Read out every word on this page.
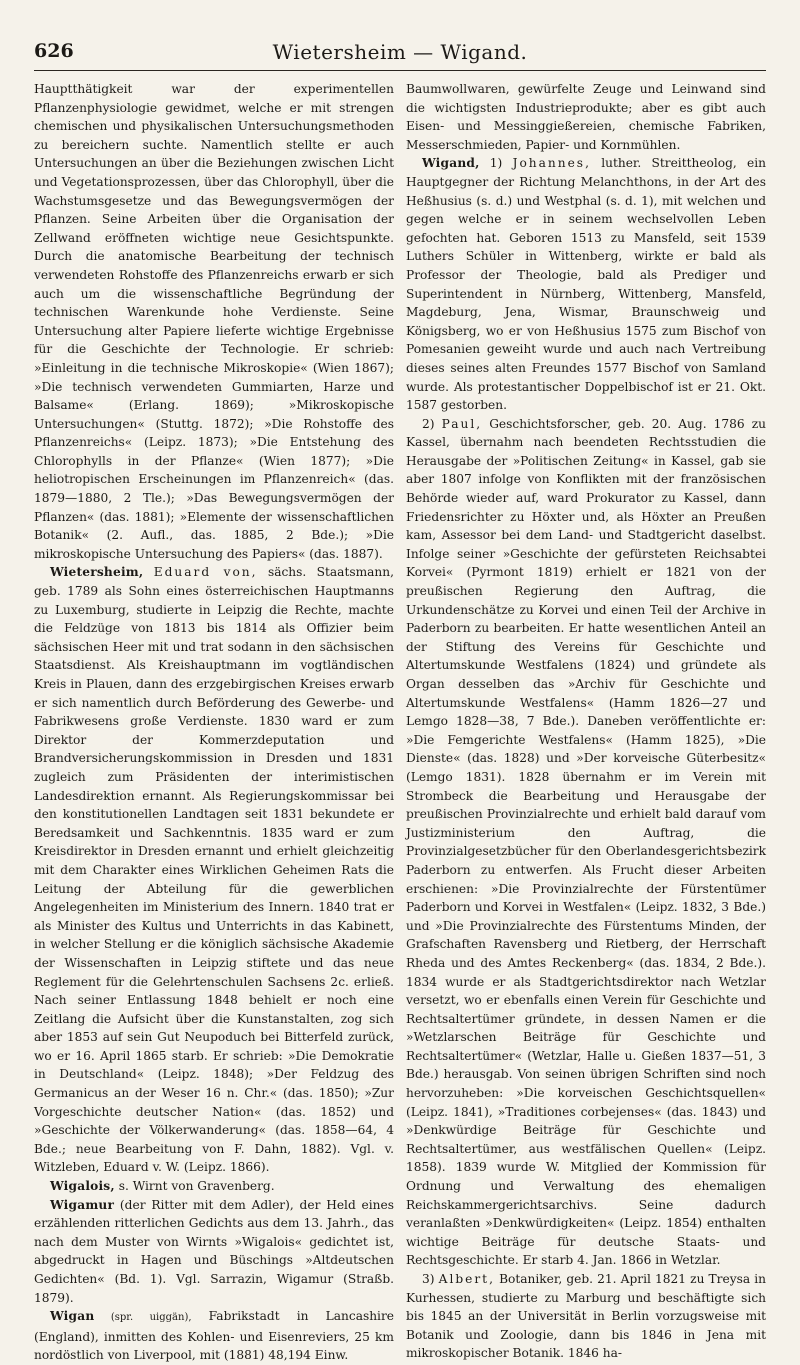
626	Wietersheim — Wigand.

Hauptthätigkeit war der experimentellen Pflanzenphysiologie gewidmet, welche er mit strengen chemischen und physikalischen Untersuchungsmethoden zu bereichern suchte. Namentlich stellte er auch Untersuchungen an über die Beziehungen zwischen Licht und Vegetationsprozessen, über das Chlorophyll, über die Wachstumsgesetze und das Bewegungsvermögen der Pflanzen. Seine Arbeiten über die Organisation der Zellwand eröffneten wichtige neue Gesichtspunkte. Durch die anatomische Bearbeitung der technisch verwendeten Rohstoffe des Pflanzenreichs erwarb er sich auch um die wissenschaftliche Begründung der technischen Warenkunde hohe Verdienste. Seine Untersuchung alter Papiere lieferte wichtige Ergebnisse für die Geschichte der Technologie. Er schrieb: »Einleitung in die technische Mikroskopie« (Wien 1867); »Die technisch verwendeten Gummiarten, Harze und Balsame« (Erlang. 1869); »Mikroskopische Untersuchungen« (Stuttg. 1872); »Die Rohstoffe des Pflanzenreichs« (Leipz. 1873); »Die Entstehung des Chlorophylls in der Pflanze« (Wien 1877); »Die heliotropischen Erscheinungen im Pflanzenreich« (das. 1879—1880, 2 Tle.); »Das Bewegungsvermögen der Pflanzen« (das. 1881); »Elemente der wissenschaftlichen Botanik« (2. Aufl., das. 1885, 2 Bde.); »Die mikroskopische Untersuchung des Papiers« (das. 1887).

Wietersheim, Eduard von, sächs. Staatsmann, geb. 1789 als Sohn eines österreichischen Hauptmanns zu Luxemburg, studierte in Leipzig die Rechte, machte die Feldzüge von 1813 bis 1814 als Offizier beim sächsischen Heer mit und trat sodann in den sächsischen Staatsdienst. Als Kreishauptmann im vogtländischen Kreis in Plauen, dann des erzgebirgischen Kreises erwarb er sich namentlich durch Beförderung des Gewerbe- und Fabrikwesens große Verdienste. 1830 ward er zum Direktor der Kommerzdeputation und Brandversicherungskommission in Dresden und 1831 zugleich zum Präsidenten der interimistischen Landesdirektion ernannt. Als Regierungskommissar bei den konstitutionellen Landtagen seit 1831 bekundete er Beredsamkeit und Sachkenntnis. 1835 ward er zum Kreisdirektor in Dresden ernannt und erhielt gleichzeitig mit dem Charakter eines Wirklichen Geheimen Rats die Leitung der Abteilung für die gewerblichen Angelegenheiten im Ministerium des Innern. 1840 trat er als Minister des Kultus und Unterrichts in das Kabinett, in welcher Stellung er die königlich sächsische Akademie der Wissenschaften in Leipzig stiftete und das neue Reglement für die Gelehrtenschulen Sachsens 2c. erließ. Nach seiner Entlassung 1848 behielt er noch eine Zeitlang die Aufsicht über die Kunstanstalten, zog sich aber 1853 auf sein Gut Neupoduch bei Bitterfeld zurück, wo er 16. April 1865 starb. Er schrieb: »Die Demokratie in Deutschland« (Leipz. 1848); »Der Feldzug des Germanicus an der Weser 16 n. Chr.« (das. 1850); »Zur Vorgeschichte deutscher Nation« (das. 1852) und »Geschichte der Völkerwanderung« (das. 1858—64, 4 Bde.; neue Bearbeitung von F. Dahn, 1882). Vgl. v. Witzleben, Eduard v. W. (Leipz. 1866).

Wigalois, s. Wirnt von Gravenberg.

Wigamur (der Ritter mit dem Adler), der Held eines erzählenden ritterlichen Gedichts aus dem 13. Jahrh., das nach dem Muster von Wirnts »Wigalois« gedichtet ist, abgedruckt in Hagen und Büschings »Altdeutschen Gedichten« (Bd. 1). Vgl. Sarrazin, Wigamur (Straßb. 1879).

Wigan (spr. uiggän), Fabrikstadt in Lancashire (England), inmitten des Kohlen- und Eisenreviers, 25 km nordöstlich von Liverpool, mit (1881) 48,194 Einw.

Baumwollwaren, gewürfelte Zeuge und Leinwand sind die wichtigsten Industrieprodukte; aber es gibt auch Eisen- und Messinggießereien, chemische Fabriken, Messerschmieden, Papier- und Kornmühlen.

Wigand, 1) Johannes, luther. Streittheolog, ein Hauptgegner der Richtung Melanchthons, in der Art des Heßhusius (s. d.) und Westphal (s. d. 1), mit welchen und gegen welche er in seinem wechselvollen Leben gefochten hat. Geboren 1513 zu Mansfeld, seit 1539 Luthers Schüler in Wittenberg, wirkte er bald als Professor der Theologie, bald als Prediger und Superintendent in Nürnberg, Wittenberg, Mansfeld, Magdeburg, Jena, Wismar, Braunschweig und Königsberg, wo er von Heßhusius 1575 zum Bischof von Pomesanien geweiht wurde und auch nach Vertreibung dieses seines alten Freundes 1577 Bischof von Samland wurde. Als protestantischer Doppelbischof ist er 21. Okt. 1587 gestorben.

2) Paul, Geschichtsforscher, geb. 20. Aug. 1786 zu Kassel, übernahm nach beendeten Rechtsstudien die Herausgabe der »Politischen Zeitung« in Kassel, gab sie aber 1807 infolge von Konflikten mit der französischen Behörde wieder auf, ward Prokurator zu Kassel, dann Friedensrichter zu Höxter und, als Höxter an Preußen kam, Assessor bei dem Land- und Stadtgericht daselbst. Infolge seiner »Geschichte der gefürsteten Reichsabtei Korvei« (Pyrmont 1819) erhielt er 1821 von der preußischen Regierung den Auftrag, die Urkundenschätze zu Korvei und einen Teil der Archive in Paderborn zu bearbeiten. Er hatte wesentlichen Anteil an der Stiftung des Vereins für Geschichte und Altertumskunde Westfalens (1824) und gründete als Organ desselben das »Archiv für Geschichte und Altertumskunde Westfalens« (Hamm 1826—27 und Lemgo 1828—38, 7 Bde.). Daneben veröffentlichte er: »Die Femgerichte Westfalens« (Hamm 1825), »Die Dienste« (das. 1828) und »Der korveische Güterbesitz« (Lemgo 1831). 1828 übernahm er im Verein mit Strombeck die Bearbeitung und Herausgabe der preußischen Provinzialrechte und erhielt bald darauf vom Justizministerium den Auftrag, die Provinzialgesetzbücher für den Oberlandesgerichtsbezirk Paderborn zu entwerfen. Als Frucht dieser Arbeiten erschienen: »Die Provinzialrechte der Fürstentümer Paderborn und Korvei in Westfalen« (Leipz. 1832, 3 Bde.) und »Die Provinzialrechte des Fürstentums Minden, der Grafschaften Ravensberg und Rietberg, der Herrschaft Rheda und des Amtes Reckenberg« (das. 1834, 2 Bde.). 1834 wurde er als Stadtgerichtsdirektor nach Wetzlar versetzt, wo er ebenfalls einen Verein für Geschichte und Rechtsaltertümer gründete, in dessen Namen er die »Wetzlarschen Beiträge für Geschichte und Rechtsaltertümer« (Wetzlar, Halle u. Gießen 1837—51, 3 Bde.) herausgab. Von seinen übrigen Schriften sind noch hervorzuheben: »Die korveischen Geschichtsquellen« (Leipz. 1841), »Traditiones corbejenses« (das. 1843) und »Denkwürdige Beiträge für Geschichte und Rechtsaltertümer, aus westfälischen Quellen« (Leipz. 1858). 1839 wurde W. Mitglied der Kommission für Ordnung und Verwaltung des ehemaligen Reichskammergerichtsarchivs. Seine dadurch veranlaßten »Denkwürdigkeiten« (Leipz. 1854) enthalten wichtige Beiträge für deutsche Staats- und Rechtsgeschichte. Er starb 4. Jan. 1866 in Wetzlar.

3) Albert, Botaniker, geb. 21. April 1821 zu Treysa in Kurhessen, studierte zu Marburg und beschäftigte sich bis 1845 an der Universität in Berlin vorzugsweise mit Botanik und Zoologie, dann bis 1846 in Jena mit mikroskopischer Botanik. 1846 ha-
